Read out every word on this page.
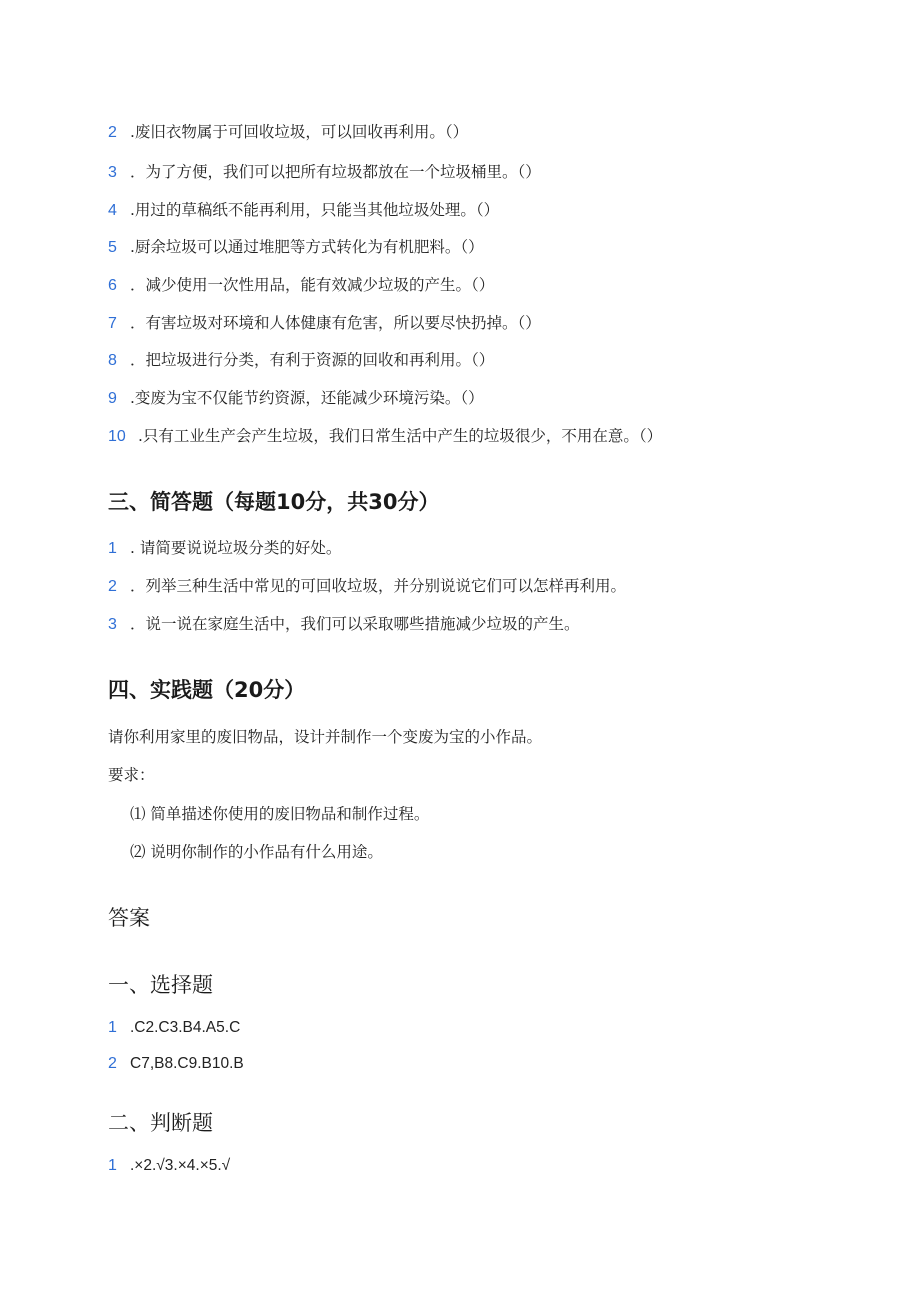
2 .废旧衣物属于可回收垃圾，可以回收再利用。（）
3 ．为了方便，我们可以把所有垃圾都放在一个垃圾桶里。（）
4 .用过的草稿纸不能再利用，只能当其他垃圾处理。（）
5 .厨余垃圾可以通过堆肥等方式转化为有机肥料。（）
6 ．减少使用一次性用品，能有效减少垃圾的产生。（）
7 ．有害垃圾对环境和人体健康有危害，所以要尽快扔掉。（）
8 ．把垃圾进行分类，有利于资源的回收和再利用。（）
9 .变废为宝不仅能节约资源，还能减少环境污染。（）
10 .只有工业生产会产生垃圾，我们日常生活中产生的垃圾很少，不用在意。（）
三、简答题（每题10分，共30分）
1 . 请简要说说垃圾分类的好处。
2 ．列举三种生活中常见的可回收垃圾，并分别说说它们可以怎样再利用。
3 ．说一说在家庭生活中，我们可以采取哪些措施减少垃圾的产生。
四、实践题（20分）
请你利用家里的废旧物品，设计并制作一个变废为宝的小作品。
要求：
⑴ 简单描述你使用的废旧物品和制作过程。
⑵ 说明你制作的小作品有什么用途。
答案
一、选择题
1 .C2.C3.B4.A5.C
2 C7,B8.C9.B10.B
二、判断题
1 .×2.√3.×4.×5.√
